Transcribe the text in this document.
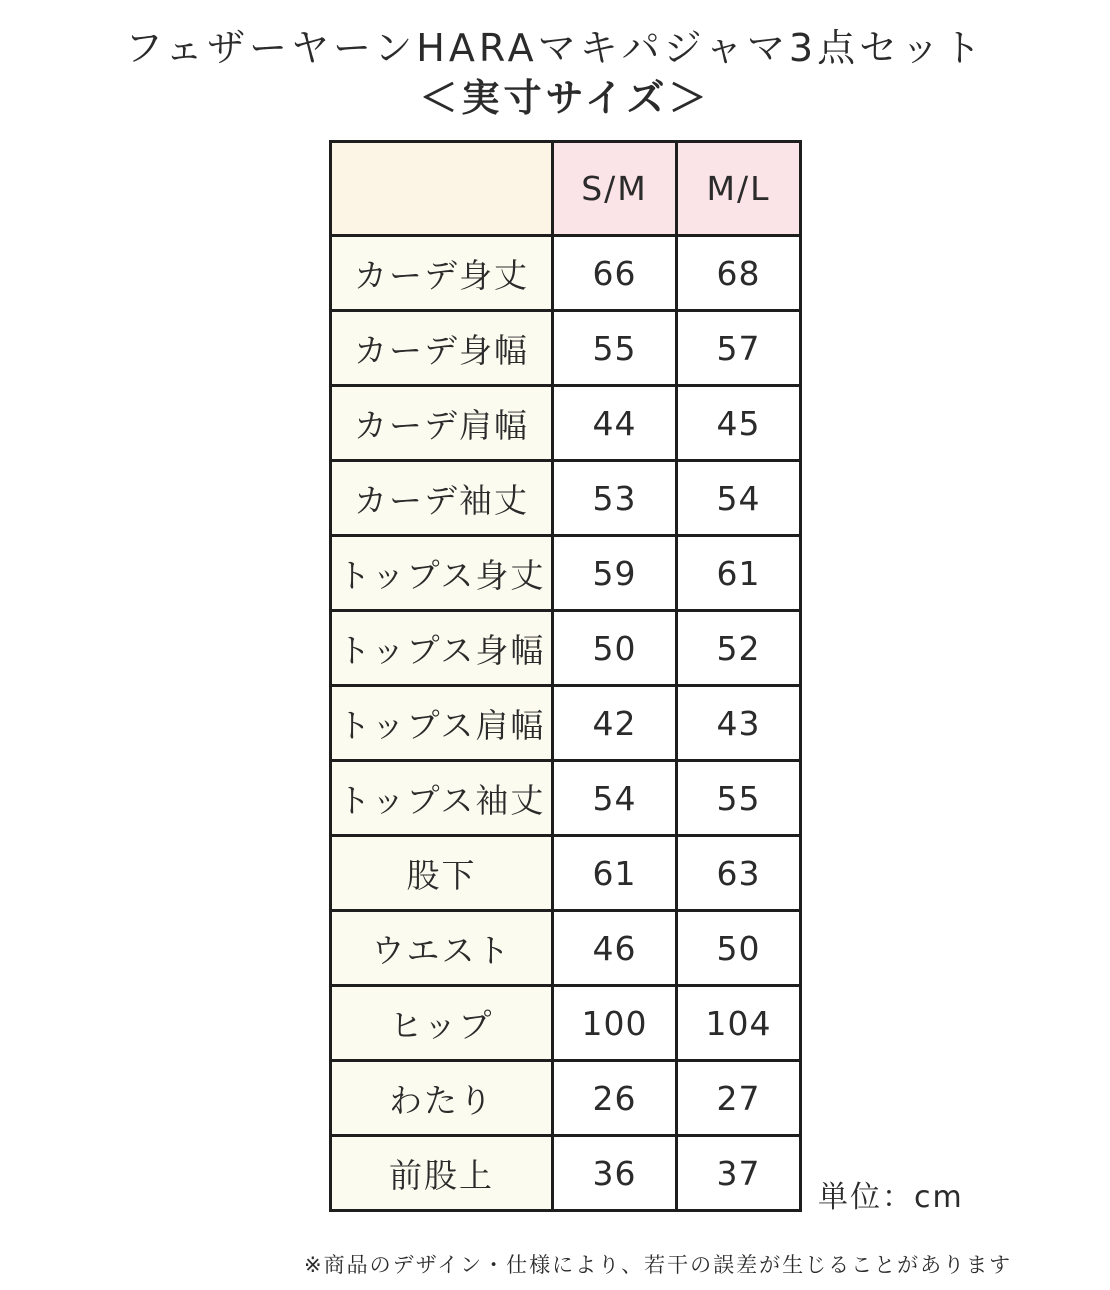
フェザーヤーンHARAマキパジャマ3点セット
＜実寸サイズ＞
	S/M	M/L
カーデ身丈	66	68
カーデ身幅	55	57
カーデ肩幅	44	45
カーデ袖丈	53	54
トップス身丈	59	61
トップス身幅	50	52
トップス肩幅	42	43
トップス袖丈	54	55
股下	61	63
ウエスト	46	50
ヒップ	100	104
わたり	26	27
前股上	36	37
単位：cm
※商品のデザイン・仕様により、若干の誤差が生じることがあります
